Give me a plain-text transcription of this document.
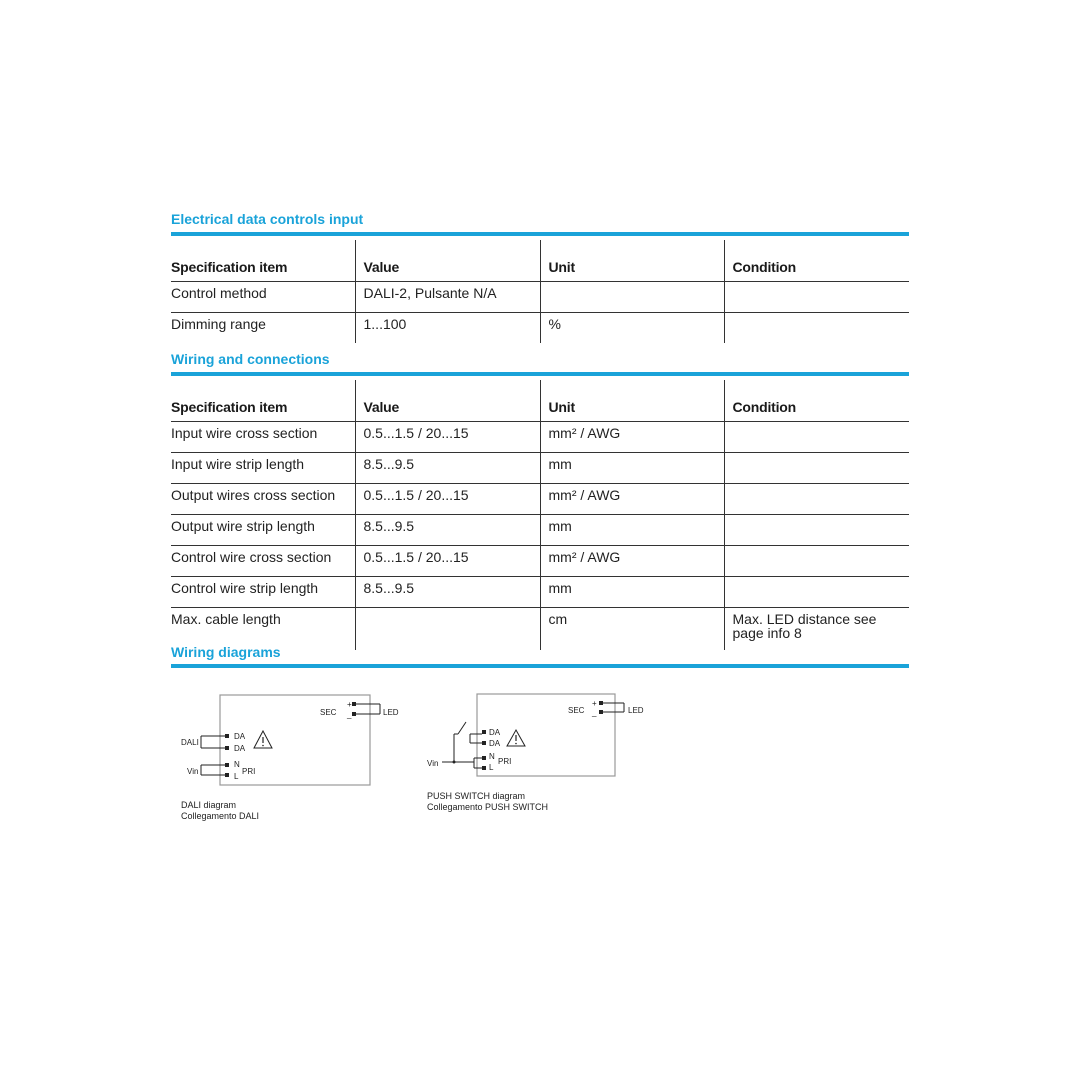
Electrical data controls input
Specification item	Value	Unit	Condition
Control method	DALI-2, Pulsante N/A		
Dimming range	1...100	%	
Wiring and connections
Specification item	Value	Unit	Condition
Input wire cross section	0.5...1.5 / 20...15	mm² / AWG	
Input wire strip length	8.5...9.5	mm	
Output wires cross section	0.5...1.5 / 20...15	mm² / AWG	
Output wire strip length	8.5...9.5	mm	
Control wire cross section	0.5...1.5 / 20...15	mm² / AWG	
Control wire strip length	8.5...9.5	mm	
Max. cable length		cm	Max. LED distance see page info 8
Wiring diagrams
SEC
+
_	LED
DALI
DA
DA
Vin
N
L
PRI
DALI diagram
Collegamento DALI
SEC
+
_	LED
DA
DA
Vin
N
L
PRI
PUSH SWITCH diagram
Collegamento PUSH SWITCH
